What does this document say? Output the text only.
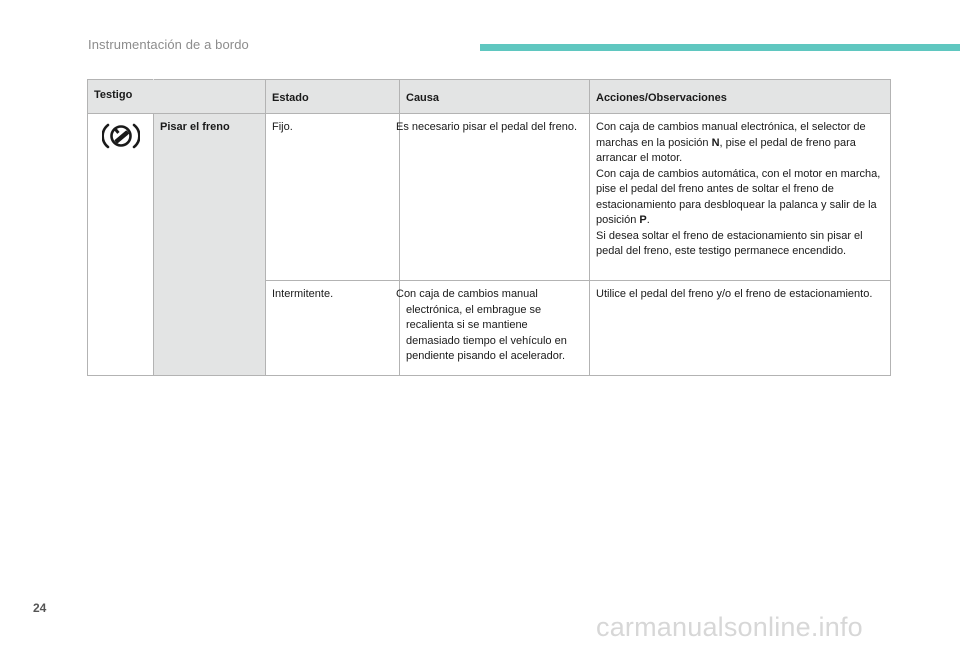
Instrumentación de a bordo
Testigo		Estado	Causa	Acciones/Observaciones

Pisar el freno	Fijo.	Es necesario pisar el pedal del freno.	Con caja de cambios manual electrónica, el selector de marchas en la posición N, pise el pedal de freno para arrancar el motor.
Con caja de cambios automática, con el motor en marcha, pise el pedal del freno antes de soltar el freno de estacionamiento para desbloquear la palanca y salir de la posición P.
Si desea soltar el freno de estacionamiento sin pisar el pedal del freno, este testigo permanece encendido.

		Intermitente.	Con caja de cambios manual electrónica, el embrague se recalienta si se mantiene demasiado tiempo el vehículo en pendiente pisando el acelerador.	Utilice el pedal del freno y/o el freno de estacionamiento.
24
carmanualsonline.info
